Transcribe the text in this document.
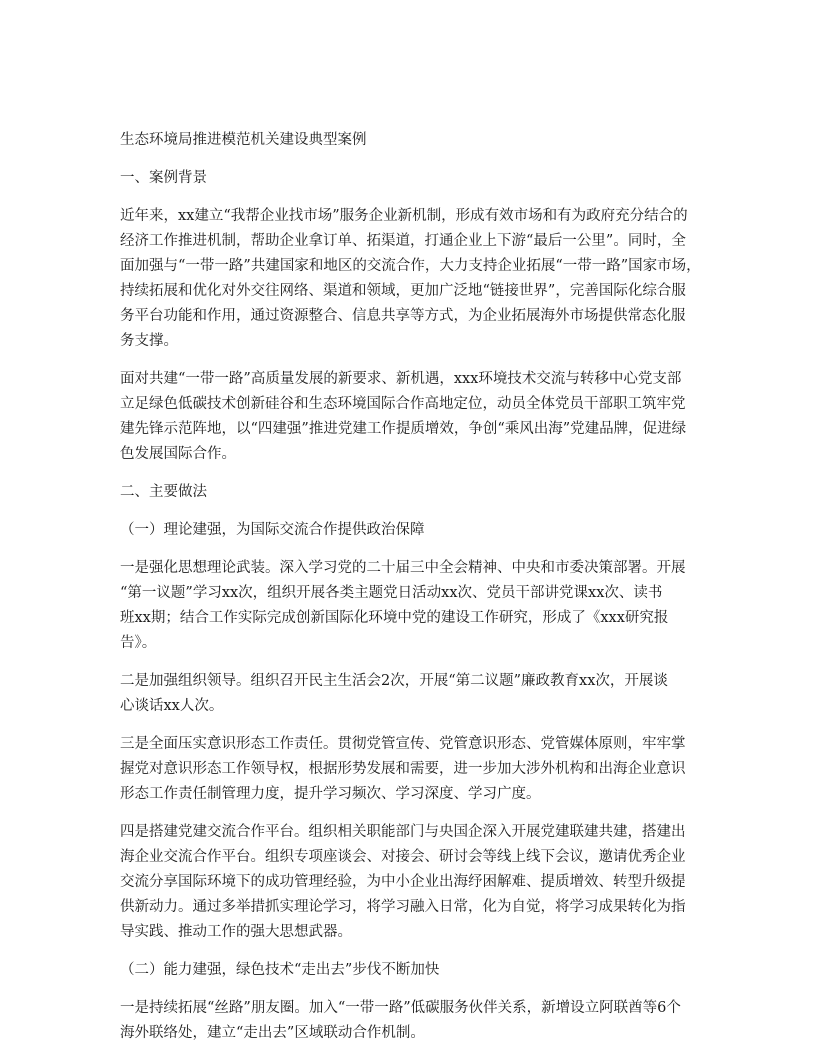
生态环境局推进模范机关建设典型案例

一、案例背景

近年来，xx建立“我帮企业找市场”服务企业新机制，形成有效市场和有为政府充分结合的

经济工作推进机制，帮助企业拿订单、拓渠道，打通企业上下游“最后一公里”。同时，全

面加强与“一带一路”共建国家和地区的交流合作，大力支持企业拓展“一带一路”国家市场，

持续拓展和优化对外交往网络、渠道和领域，更加广泛地“链接世界”，完善国际化综合服

务平台功能和作用，通过资源整合、信息共享等方式，为企业拓展海外市场提供常态化服

务支撑。

面对共建“一带一路”高质量发展的新要求、新机遇，xxx环境技术交流与转移中心党支部

立足绿色低碳技术创新硅谷和生态环境国际合作高地定位，动员全体党员干部职工筑牢党

建先锋示范阵地，以“四建强”推进党建工作提质增效，争创“乘风出海”党建品牌，促进绿

色发展国际合作。

二、主要做法

（一）理论建强，为国际交流合作提供政治保障

一是强化思想理论武装。深入学习党的二十届三中全会精神、中央和市委决策部署。开展

“第一议题”学习xx次，组织开展各类主题党日活动xx次、党员干部讲党课xx次、读书

班xx期；结合工作实际完成创新国际化环境中党的建设工作研究，形成了《xxx研究报

告》。

二是加强组织领导。组织召开民主生活会2次，开展“第二议题”廉政教育xx次，开展谈

心谈话xx人次。

三是全面压实意识形态工作责任。贯彻党管宣传、党管意识形态、党管媒体原则，牢牢掌

握党对意识形态工作领导权，根据形势发展和需要，进一步加大涉外机构和出海企业意识

形态工作责任制管理力度，提升学习频次、学习深度、学习广度。

四是搭建党建交流合作平台。组织相关职能部门与央国企深入开展党建联建共建，搭建出

海企业交流合作平台。组织专项座谈会、对接会、研讨会等线上线下会议，邀请优秀企业

交流分享国际环境下的成功管理经验，为中小企业出海纾困解难、提质增效、转型升级提

供新动力。通过多举措抓实理论学习，将学习融入日常，化为自觉，将学习成果转化为指

导实践、推动工作的强大思想武器。

（二）能力建强，绿色技术“走出去”步伐不断加快

一是持续拓展“丝路”朋友圈。加入“一带一路”低碳服务伙伴关系，新增设立阿联酋等6个

海外联络处，建立“走出去”区域联动合作机制。
